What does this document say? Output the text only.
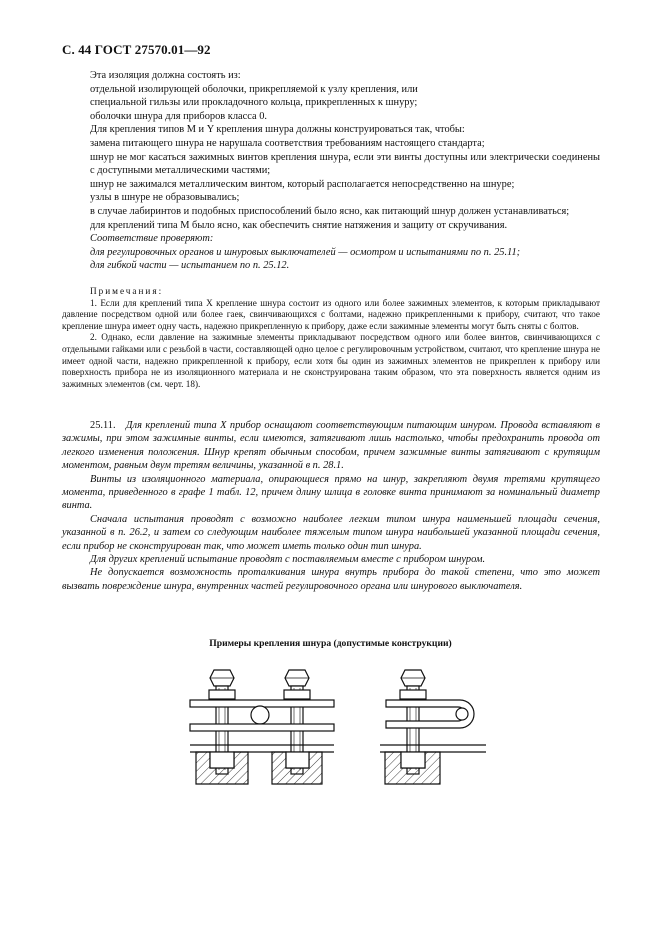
С. 44 ГОСТ 27570.01—92

Эта изоляция должна состоять из:

отдельной изолирующей оболочки, прикрепляемой к узлу крепления, или

специальной гильзы или прокладочного кольца, прикрепленных к шнуру;

оболочки шнура для приборов класса 0.

Для крепления типов М и Y крепления шнура должны конструироваться так, чтобы:

замена питающего шнура не нарушала соответствия требованиям настоящего стандарта;

шнур не мог касаться зажимных винтов крепления шнура, если эти винты доступны или электрически соединены с доступными металлическими частями;

шнур не зажимался металлическим винтом, который располагается непосредственно на шнуре;

узлы в шнуре не образовывались;

в случае лабиринтов и подобных приспособлений было ясно, как питающий шнур должен устанавливаться;

для креплений типа М было ясно, как обеспечить снятие натяжения и защиту от скручивания.

Соответствие проверяют:

для регулировочных органов и шнуровых выключателей — осмотром и испытаниями по п. 25.11;

для гибкой части — испытанием по п. 25.12.

Примечания:

1. Если для креплений типа X крепление шнура состоит из одного или более зажимных элементов, к которым прикладывают давление посредством одной или более гаек, свинчивающихся с болтами, надежно прикрепленными к прибору, считают, что такое крепление шнура имеет одну часть, надежно прикрепленную к прибору, даже если зажимные элементы могут быть сняты с болтов.

2. Однако, если давление на зажимные элементы прикладывают посредством одного или более винтов, свинчивающихся с отдельными гайками или с резьбой в части, составляющей одно целое с регулировочным устройством, считают, что крепление шнура не имеет одной части, надежно прикрепленной к прибору, если хотя бы один из зажимных элементов не прикреплен к прибору или поверхность прибора не из изоляционного материала и не сконструирована таким образом, что эта поверхность является одним из зажимных элементов (см. черт. 18).

25.11. Для креплений типа X прибор оснащают соответствующим питающим шнуром. Провода вставляют в зажимы, при этом зажимные винты, если имеются, затягивают лишь настолько, чтобы предохранить провода от легкого изменения положения. Шнур крепят обычным способом, причем зажимные винты затягивают с крутящим моментом, равным двум третям величины, указанной в п. 28.1.

Винты из изоляционного материала, опирающиеся прямо на шнур, закрепляют двумя третями крутящего момента, приведенного в графе 1 табл. 12, причем длину шлица в головке винта принимают за номинальный диаметр винта.

Сначала испытания проводят с возможно наиболее легким типом шнура наименьшей площади сечения, указанной в п. 26.2, и затем со следующим наиболее тяжелым типом шнура наибольшей указанной площади сечения, если прибор не сконструирован так, что может иметь только один тип шнура.

Для других креплений испытание проводят с поставляемым вместе с прибором шнуром.

Не допускается возможность проталкивания шнура внутрь прибора до такой степени, что это может вызвать повреждение шнура, внутренних частей регулировочного органа или шнурового выключателя.

Примеры крепления шнура (допустимые конструкции)
